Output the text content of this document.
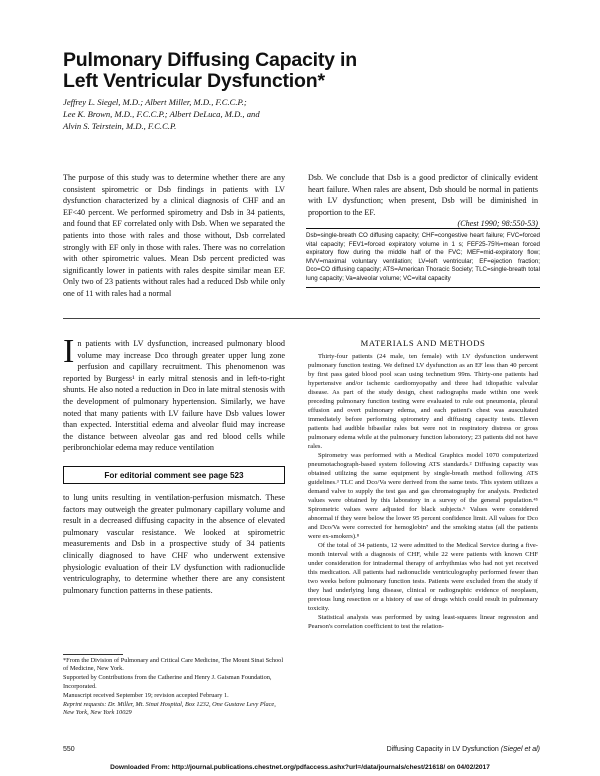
Pulmonary Diffusing Capacity in Left Ventricular Dysfunction*
Jeffrey L. Siegel, M.D.; Albert Miller, M.D., F.C.C.P.;
Lee K. Brown, M.D., F.C.C.P.; Albert DeLuca, M.D., and
Alvin S. Teirstein, M.D., F.C.C.P.
The purpose of this study was to determine whether there are any consistent spirometric or Dsb findings in patients with LV dysfunction characterized by a clinical diagnosis of CHF and an EF<40 percent. We performed spirometry and Dsb in 34 patients, and found that EF correlated only with Dsb. When we separated the patients into those with rales and those without, Dsb correlated strongly with EF only in those with rales. There was no correlation with other spirometric values. Mean Dsb percent predicted was significantly lower in patients with rales despite similar mean EF. Only two of 23 patients without rales had a reduced Dsb while only one of 11 with rales had a normal
Dsb. We conclude that Dsb is a good predictor of clinically evident heart failure. When rales are absent, Dsb should be normal in patients with LV dysfunction; when present, Dsb will be diminished in proportion to the EF.
(Chest 1990; 98:550-53)
Dsb=single-breath CO diffusing capacity; CHF=congestive heart failure; FVC=forced vital capacity; FEV1=forced expiratory volume in 1 s; FEF25-75%=mean forced expiratory flow during the middle half of the FVC; MEF=mid-expiratory flow; MVV=maximal voluntary ventilation; LV=left ventricular; EF=ejection fraction; Dco=CO diffusing capacity; ATS=American Thoracic Society; TLC=single-breath total lung capacity; Va=alveolar volume; VC=vital capacity
In patients with LV dysfunction, increased pulmonary blood volume may increase Dco through greater upper lung zone perfusion and capillary recruitment. This phenomenon was reported by Burgess¹ in early mitral stenosis and in left-to-right shunts. He also noted a reduction in Dco in late mitral stenosis with the development of pulmonary hypertension. Similarly, we have noted that many patients with LV failure have Dsb values lower than expected. Interstitial edema and alveolar fluid may increase the distance between alveolar gas and red blood cells while peribronchiolar edema may reduce ventilation
For editorial comment see page 523
to lung units resulting in ventilation-perfusion mismatch. These factors may outweigh the greater pulmonary capillary volume and result in a decreased diffusing capacity in the absence of elevated pulmonary vascular resistance. We looked at spirometric measurements and Dsb in a prospective study of 34 patients clinically diagnosed to have CHF who underwent extensive physiologic evaluation of their LV dysfunction with radionuclide ventriculography, to determine whether there are any consistent pulmonary function patterns in these patients.

*From the Division of Pulmonary and Critical Care Medicine, The Mount Sinai School of Medicine, New York.

Supported by Contributions from the Catherine and Henry J. Gaisman Foundation, Incorporated.

Manuscript received September 19; revision accepted February 1.

Reprint requests: Dr. Miller, Mt. Sinai Hospital, Box 1232, One Gustave Levy Place, New York, New York 10029

MATERIALS AND METHODS

Thirty-four patients (24 male, ten female) with LV dysfunction underwent pulmonary function testing. We defined LV dysfunction as an EF less than 40 percent by first pass gated blood pool scan using technetium 99m. Thirty-one patients had hypertensive and/or ischemic cardiomyopathy and three had idiopathic valvular disease. As part of the study design, chest radiographs made within one week preceding pulmonary function testing were evaluated to rule out pneumonia, pleural effusion and overt pulmonary edema, and each patient's chest was auscultated immediately before performing spirometry and diffusing capacity tests. Eleven patients had audible bibasilar rales but were not in respiratory distress or gross pulmonary edema while at the pulmonary function laboratory; 23 patients did not have rales.

Spirometry was performed with a Medical Graphics model 1070 computerized pneumotachograph-based system following ATS standards.² Diffusing capacity was obtained utilizing the same equipment by single-breath method following ATS guidelines.³ TLC and Dco/Va were derived from the same tests. This system utilizes a demand valve to supply the test gas and gas chromatography for analysis. Predicted values were obtained by this laboratory in a survey of the general population.⁴⁵ Spirometric values were adjusted for black subjects.⁶ Values were considered abnormal if they were below the lower 95 percent confidence limit. All values for Dco and Dco/Va were corrected for hemoglobin⁷ and the smoking status (all the patients were ex-smokers).⁸

Of the total of 34 patients, 12 were admitted to the Medical Service during a five-month interval with a diagnosis of CHF, while 22 were patients with known CHF under consideration for intradermal therapy of arrhythmias who had not yet received this medication. All patients had radionuclide ventriculography performed fewer than two weeks before pulmonary function tests. Patients were excluded from the study if they had underlying lung disease, clinical or radiographic evidence of neoplasm, previous lung resection or a history of use of drugs which could result in pulmonary toxicity.

Statistical analysis was performed by using least-squares linear regression and Pearson's correlation coefficient to test the relation-

550	Diffusing Capacity in LV Dysfunction (Siegel et al)
Downloaded From: http://journal.publications.chestnet.org/pdfaccess.ashx?url=/data/journals/chest/21618/ on 04/02/2017
